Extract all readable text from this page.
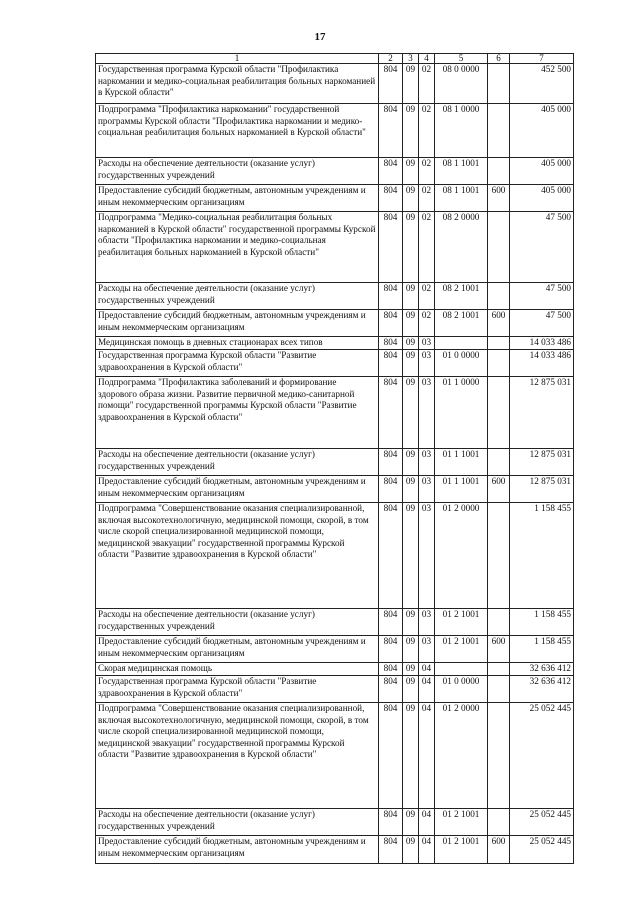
17
1	2	3	4	5	6	7
Государственная программа Курской области "Профилактика наркомании и медико-социальная реабилитация больных наркоманией в Курской области"	804	09	02	08 0 0000		452 500
Подпрограмма "Профилактика наркомании" государственной программы Курской области "Профилактика наркомании и медико-социальная реабилитация больных наркоманией в Курской области"	804	09	02	08 1 0000		405 000
Расходы на обеспечение деятельности (оказание услуг) государственных учреждений	804	09	02	08 1 1001		405 000
Предоставление субсидий бюджетным, автономным учреждениям и иным некоммерческим организациям	804	09	02	08 1 1001	600	405 000
Подпрограмма "Медико-социальная реабилитация больных наркоманией в Курской области" государственной программы Курской области "Профилактика наркомании и медико-социальная реабилитация больных наркоманией в Курской области"	804	09	02	08 2 0000		47 500
Расходы на обеспечение деятельности (оказание услуг) государственных учреждений	804	09	02	08 2 1001		47 500
Предоставление субсидий бюджетным, автономным учреждениям и иным некоммерческим организациям	804	09	02	08 2 1001	600	47 500
Медицинская помощь в дневных стационарах всех типов	804	09	03			14 033 486
Государственная программа Курской области "Развитие здравоохранения в Курской области"	804	09	03	01 0 0000		14 033 486
Подпрограмма "Профилактика заболеваний и формирование здорового образа жизни. Развитие первичной медико-санитарной помощи" государственной программы Курской области "Развитие здравоохранения в Курской области"	804	09	03	01 1 0000		12 875 031
Расходы на обеспечение деятельности (оказание услуг) государственных учреждений	804	09	03	01 1 1001		12 875 031
Предоставление субсидий бюджетным, автономным учреждениям и иным некоммерческим организациям	804	09	03	01 1 1001	600	12 875 031
Подпрограмма "Совершенствование оказания специализированной, включая высокотехнологичную, медицинской помощи, скорой, в том числе скорой специализированной медицинской помощи, медицинской эвакуации" государственной программы Курской области "Развитие здравоохранения в Курской области"	804	09	03	01 2 0000		1 158 455
Расходы на обеспечение деятельности (оказание услуг) государственных учреждений	804	09	03	01 2 1001		1 158 455
Предоставление субсидий бюджетным, автономным учреждениям и иным некоммерческим организациям	804	09	03	01 2 1001	600	1 158 455
Скорая медицинская помощь	804	09	04			32 636 412
Государственная программа Курской области "Развитие здравоохранения в Курской области"	804	09	04	01 0 0000		32 636 412
Подпрограмма "Совершенствование оказания специализированной, включая высокотехнологичную, медицинской помощи, скорой, в том числе скорой специализированной медицинской помощи, медицинской эвакуации" государственной программы Курской области "Развитие здравоохранения в Курской области"	804	09	04	01 2 0000		25 052 445
Расходы на обеспечение деятельности (оказание услуг) государственных учреждений	804	09	04	01 2 1001		25 052 445
Предоставление субсидий бюджетным, автономным учреждениям и иным некоммерческим организациям	804	09	04	01 2 1001	600	25 052 445
